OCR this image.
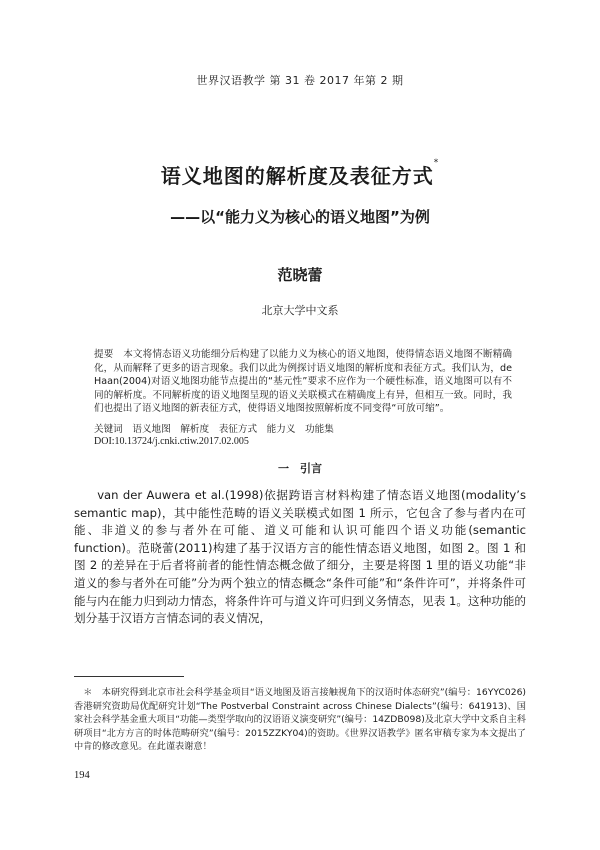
世界汉语教学 第 31 卷 2017 年第 2 期
语义地图的解析度及表征方式*
——以“能力义为核心的语义地图”为例
范晓蕾
北京大学中文系

提要　 本文将情态语义功能细分后构建了以能力义为核心的语义地图，使得情态语义地图不断精确化，从而解释了更多的语言现象。我们以此为例探讨语义地图的解析度和表征方式。我们认为，de Haan(2004)对语义地图功能节点提出的“基元性”要求不应作为一个硬性标准，语义地图可以有不同的解析度。不同解析度的语义地图呈现的语义关联模式在精确度上有异，但相互一致。同时，我们也提出了语义地图的新表征方式，使得语义地图按照解析度不同变得“可放可缩”。

关键词　 语义地图　解析度　表征方式　能力义　功能集
DOI:10.13724/j.cnki.ctiw.2017.02.005
一　引言

van der Auwera et al.(1998)依据跨语言材料构建了情态语义地图(modality’s semantic map)，其中能性范畴的语义关联模式如图 1 所示，它包含了参与者内在可能、非道义的参与者外在可能、道义可能和认识可能四个语义功能(semantic function)。范晓蕾(2011)构建了基于汉语方言的能性情态语义地图，如图 2。图 1 和图 2 的差异在于后者将前者的能性情态概念做了细分，主要是将图 1 里的语义功能“非道义的参与者外在可能”分为两个独立的情态概念“条件可能”和“条件许可”，并将条件可能与内在能力归到动力情态，将条件许可与道义许可归到义务情态，见表 1。这种功能的划分基于汉语方言情态词的表义情况，

＊　 本研究得到北京市社会科学基金项目“语义地图及语言接触视角下的汉语时体态研究”(编号：16YYC026)香港研究资助局优配研究计划“The Postverbal Constraint across Chinese Dialects”(编号：641913)、国家社会科学基金重大项目“功能—类型学取向的汉语语义演变研究”(编号：14ZDB098)及北京大学中文系自主科研项目“北方方言的时体范畴研究”(编号：2015ZZKY04)的资助。《世界汉语教学》匿名审稿专家为本文提出了中肯的修改意见。在此谨表谢意！

194
